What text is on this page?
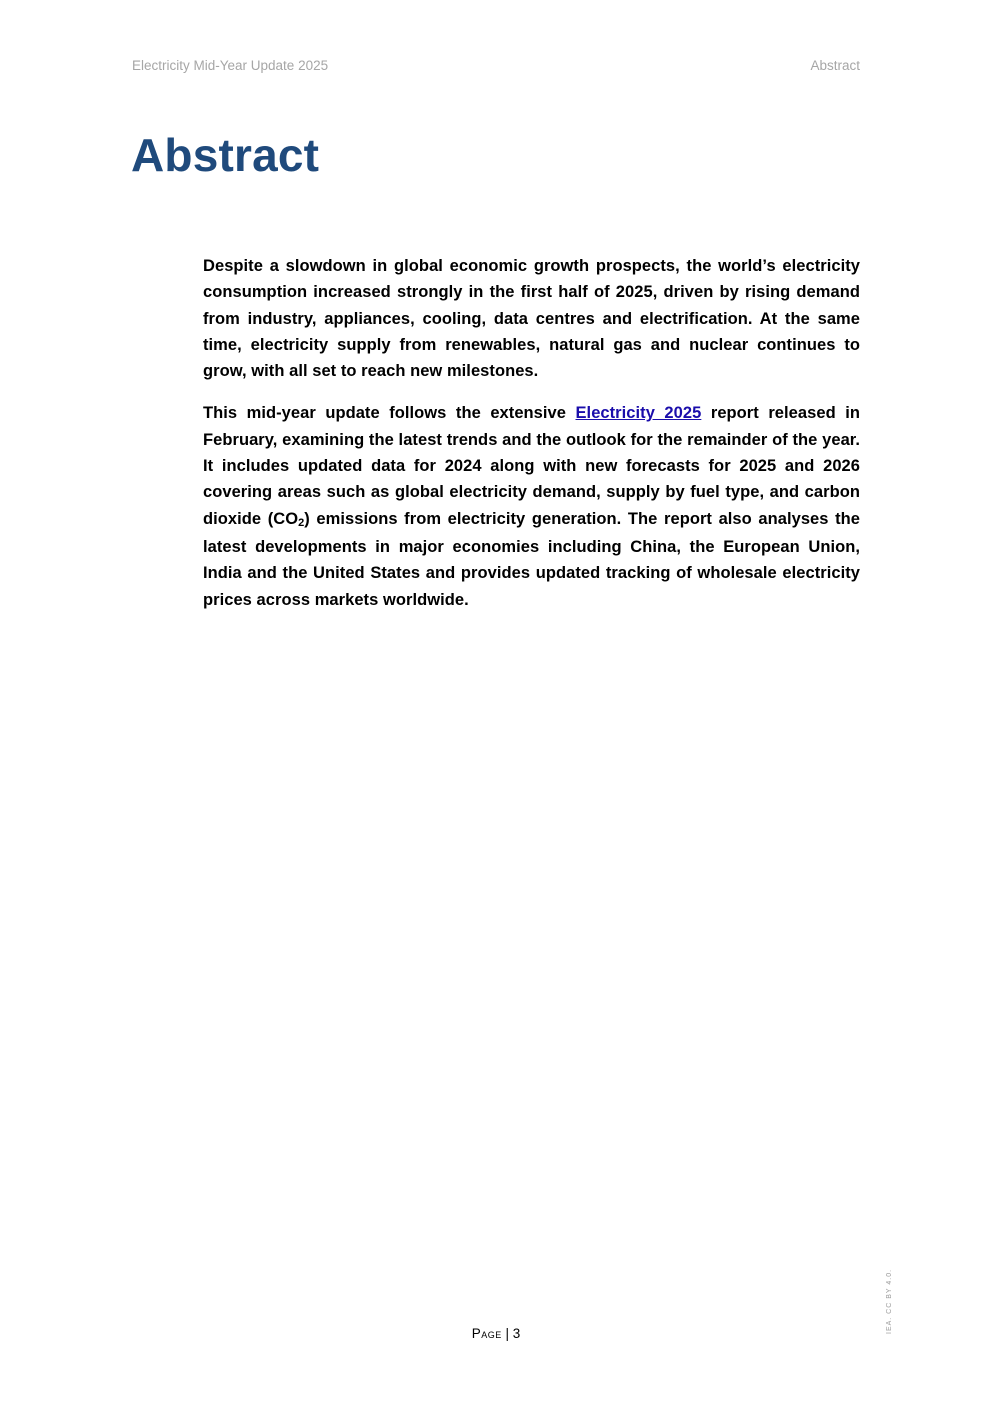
Electricity Mid-Year Update 2025	Abstract
Abstract

Despite a slowdown in global economic growth prospects, the world’s electricity consumption increased strongly in the first half of 2025, driven by rising demand from industry, appliances, cooling, data centres and electrification. At the same time, electricity supply from renewables, natural gas and nuclear continues to grow, with all set to reach new milestones.

This mid-year update follows the extensive Electricity 2025 report released in February, examining the latest trends and the outlook for the remainder of the year. It includes updated data for 2024 along with new forecasts for 2025 and 2026 covering areas such as global electricity demand, supply by fuel type, and carbon dioxide (CO2) emissions from electricity generation. The report also analyses the latest developments in major economies including China, the European Union, India and the United States and provides updated tracking of wholesale electricity prices across markets worldwide.

Page | 3	IEA. CC BY 4.0.
